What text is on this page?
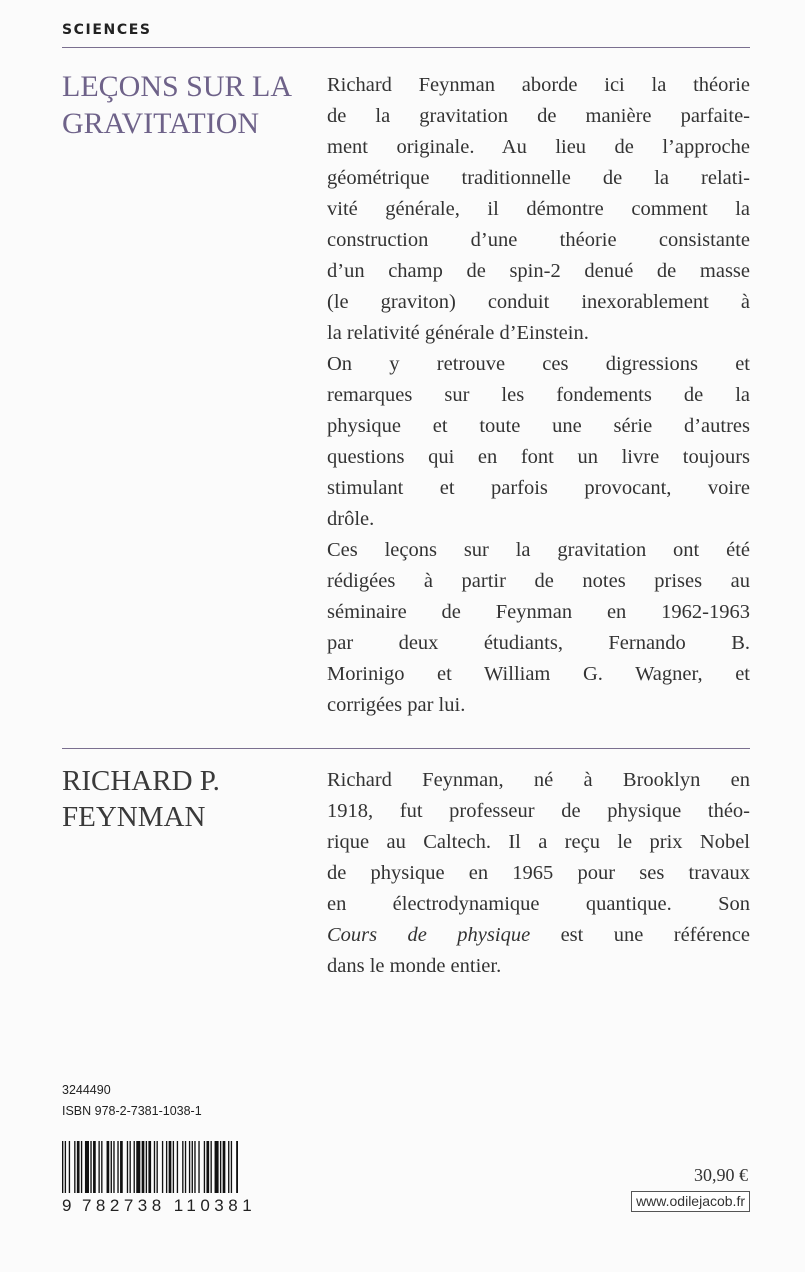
SCIENCES
LEÇONS SUR LA
GRAVITATION

Richard Feynman aborde ici la théorie
de la gravitation de manière parfaite-
ment originale. Au lieu de l’approche
géométrique traditionnelle de la relati-
vité générale, il démontre comment la
construction d’une théorie consistante
d’un champ de spin-2 denué de masse
(le graviton) conduit inexorablement à
la relativité générale d’Einstein.

On y retrouve ces digressions et
remarques sur les fondements de la
physique et toute une série d’autres
questions qui en font un livre toujours
stimulant et parfois provocant, voire
drôle.

Ces leçons sur la gravitation ont été
rédigées à partir de notes prises au
séminaire de Feynman en 1962-1963
par deux étudiants, Fernando B.
Morinigo et William G. Wagner, et
corrigées par lui.

RICHARD P.
FEYNMAN
Richard Feynman, né à Brooklyn en
1918, fut professeur de physique théo-
rique au Caltech. Il a reçu le prix Nobel
de physique en 1965 pour ses travaux
en électrodynamique quantique. Son
Cours de physique est une référence
dans le monde entier.
3244490
ISBN 978-2-7381-1038-1
9 782738 110381
30,90 €
www.odilejacob.fr
